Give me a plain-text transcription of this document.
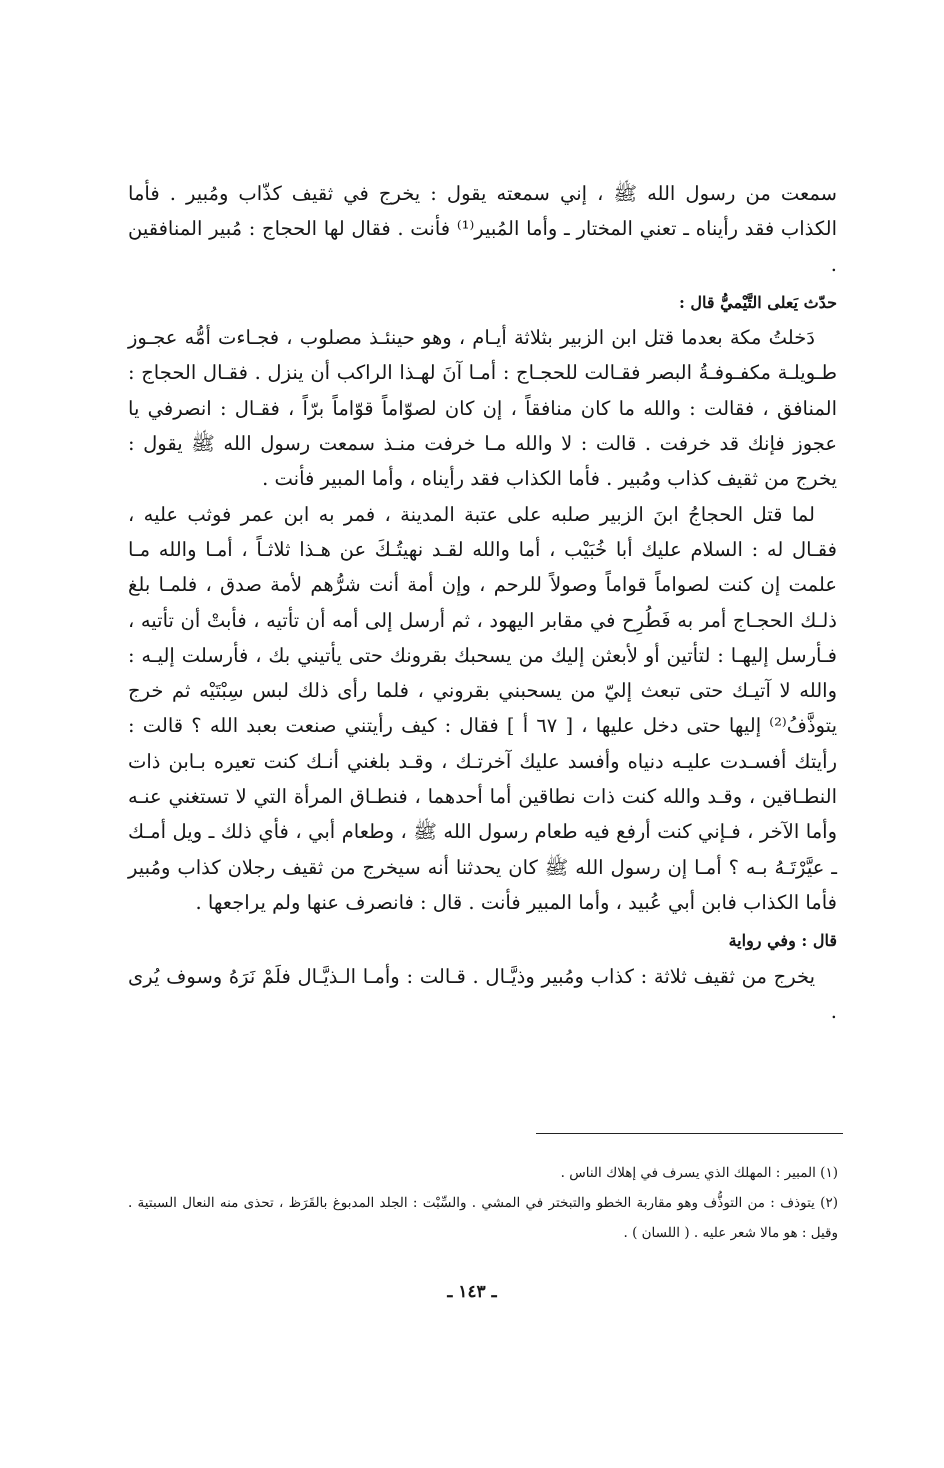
سمعت من رسول الله ﷺ ، إني سمعته يقول : يخرج في ثقيف كذّاب ومُبير . فأما الكذاب فقد رأيناه ـ تعني المختار ـ وأما المُبير⁽¹⁾ فأنت . فقال لها الحجاج : مُبير المنافقين .

حدّث يَعلى التَّيْميُّ قال :

دَخلتُ مكة بعدما قتل ابن الزبير بثلاثة أيـام ، وهو حينئـذ مصلوب ، فجـاءت أمُّه عجـوز طـويلـة مكفـوفـةُ البصر فقـالت للحجـاج : أمـا آنَ لهـذا الراكب أن ينزل . فقـال الحجاج : المنافق ، فقالت : والله ما كان منافقاً ، إن كان لصوّاماً قوّاماً برّاً ، فقـال : انصرفي يا عجوز فإنك قد خرفت . قالت : لا والله مـا خرفت منـذ سمعت رسول الله ﷺ يقول : يخرج من ثقيف كذاب ومُبير . فأما الكذاب فقد رأيناه ، وأما المبير فأنت .

لما قتل الحجاجُ ابنَ الزبير صلبه على عتبة المدينة ، فمر به ابن عمر فوثب عليه ، فقـال له : السلام عليك أبا خُبَيْب ، أما والله لقـد نهيتُـكَ عن هـذا ثلاثـاً ، أمـا والله مـا علمت إن كنت لصواماً قواماً وصولاً للرحم ، وإن أمة أنت شرُّهم لأمة صدق ، فلمـا بلغ ذلـك الحجـاج أمر به فَطُرِح في مقابر اليهود ، ثم أرسل إلى أمه أن تأتيه ، فأبتْ أن تأتيه ، فـأرسل إليهـا : لتأتين أو لأبعثن إليك من يسحبك بقرونك حتى يأتيني بك ، فأرسلت إليـه : والله لا آتيـك حتى تبعث إليّ من يسحبني بقروني ، فلما رأى ذلك لبس سِبْتَيْه ثم خرج يتوذَّفُ⁽²⁾ إليها حتى دخل عليها ، [ ٦٧ أ ] فقال : كيف رأيتني صنعت بعبد الله ؟ قالت : رأيتك أفسـدت عليـه دنياه وأفسد عليك آخرتـك ، وقـد بلغني أنـك كنت تعيره بـابن ذات النطـاقين ، وقـد والله كنت ذات نطاقين أما أحدهما ، فنطـاق المرأة التي لا تستغني عنـه وأما الآخر ، فـإني كنت أرفع فيه طعام رسول الله ﷺ ، وطعام أبي ، فأي ذلك ـ ويل أمـك ـ عيَّرْتَـهُ بـه ؟ أمـا إن رسول الله ﷺ كان يحدثنا أنه سيخرج من ثقيف رجلان كذاب ومُبير فأما الكذاب فابن أبي عُبيد ، وأما المبير فأنت . قال : فانصرف عنها ولم يراجعها .

قال : وفي رواية

يخرج من ثقيف ثلاثة : كذاب ومُبير وذيَّـال . قـالت : وأمـا الـذيَّـال فلَمْ نَرَهُ وسوف يُرى .

(١) المبير : المهلك الذي يسرف في إهلاك الناس .

(٢) يتوذف : من التوذُّف وهو مقاربة الخطو والتبختر في المشي . والسِّبْت : الجلد المدبوغ بالقَرَظ ، تحذى منه النعال السبتية . وقيل : هو مالا شعر عليه . ( اللسان ) .

ـ ١٤٣ ـ
